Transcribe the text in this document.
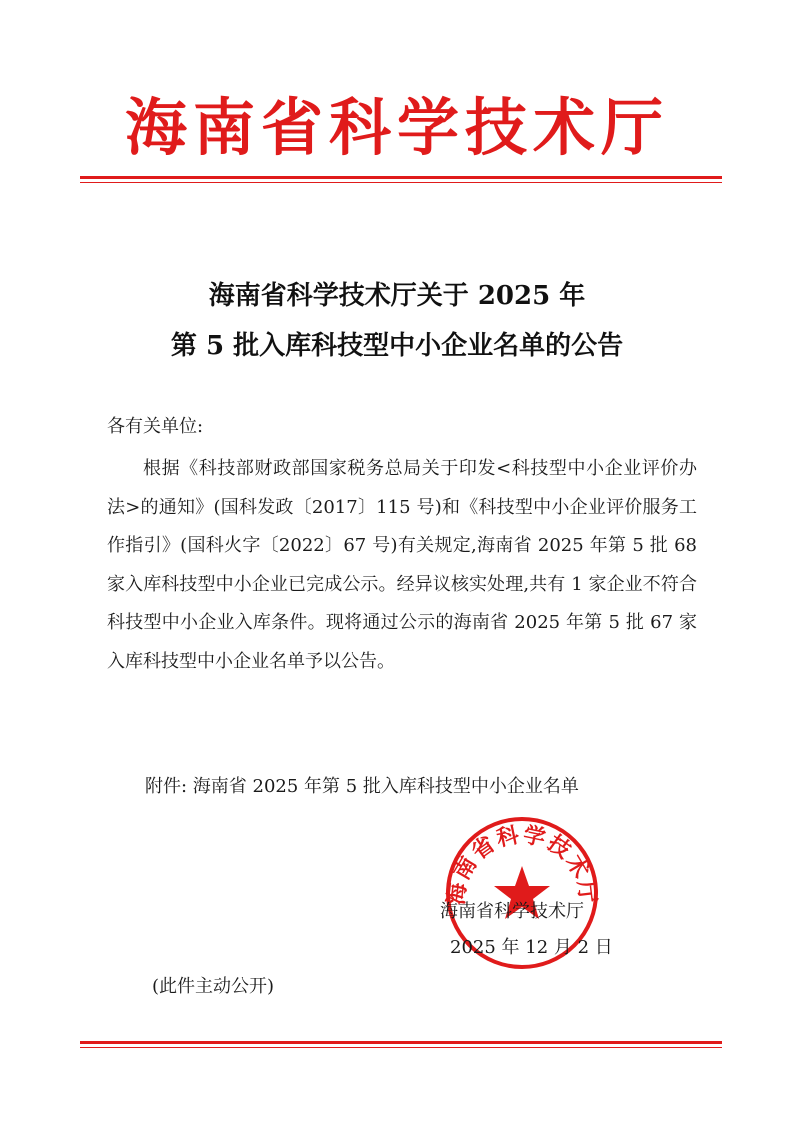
海南省科学技术厅
海南省科学技术厅关于 2025 年
第 5 批入库科技型中小企业名单的公告
各有关单位:
根据《科技部财政部国家税务总局关于印发<科技型中小企业评价办法>的通知》(国科发政〔2017〕115 号)和《科技型中小企业评价服务工作指引》(国科火字〔2022〕67 号)有关规定,海南省 2025 年第 5 批 68 家入库科技型中小企业已完成公示。经异议核实处理,共有 1 家企业不符合科技型中小企业入库条件。现将通过公示的海南省 2025 年第 5 批 67 家入库科技型中小企业名单予以公告。
附件: 海南省 2025 年第 5 批入库科技型中小企业名单
海南省科学技术厅
海南省科学技术厅
2025 年 12 月 2 日
(此件主动公开)
